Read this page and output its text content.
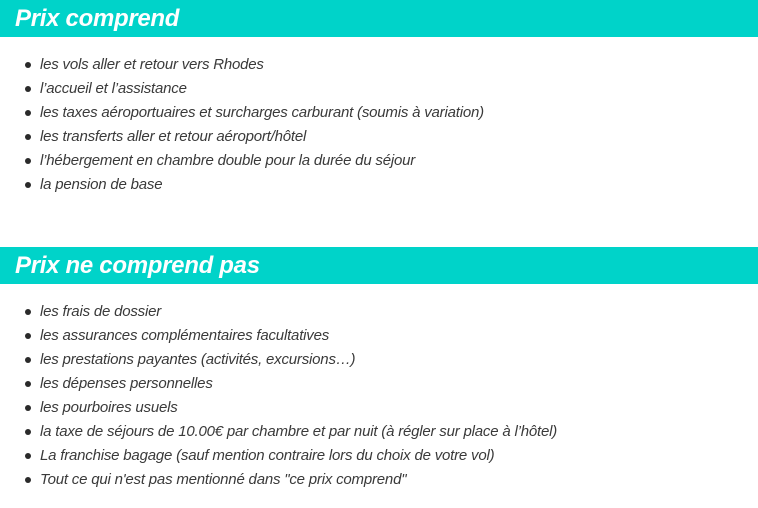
Prix comprend
les vols aller et retour vers Rhodes
l’accueil et l’assistance
les taxes aéroportuaires et surcharges carburant (soumis à variation)
les transferts aller et retour aéroport/hôtel
l’hébergement en chambre double pour la durée du séjour
la pension de base
Prix ne comprend pas
les frais de dossier
les assurances complémentaires facultatives
les prestations payantes (activités, excursions…)
les dépenses personnelles
les pourboires usuels
la taxe de séjours de 10.00€ par chambre et par nuit (à régler sur place à l’hôtel)
La franchise bagage (sauf mention contraire lors du choix de votre vol)
Tout ce qui n'est pas mentionné dans "ce prix comprend"
